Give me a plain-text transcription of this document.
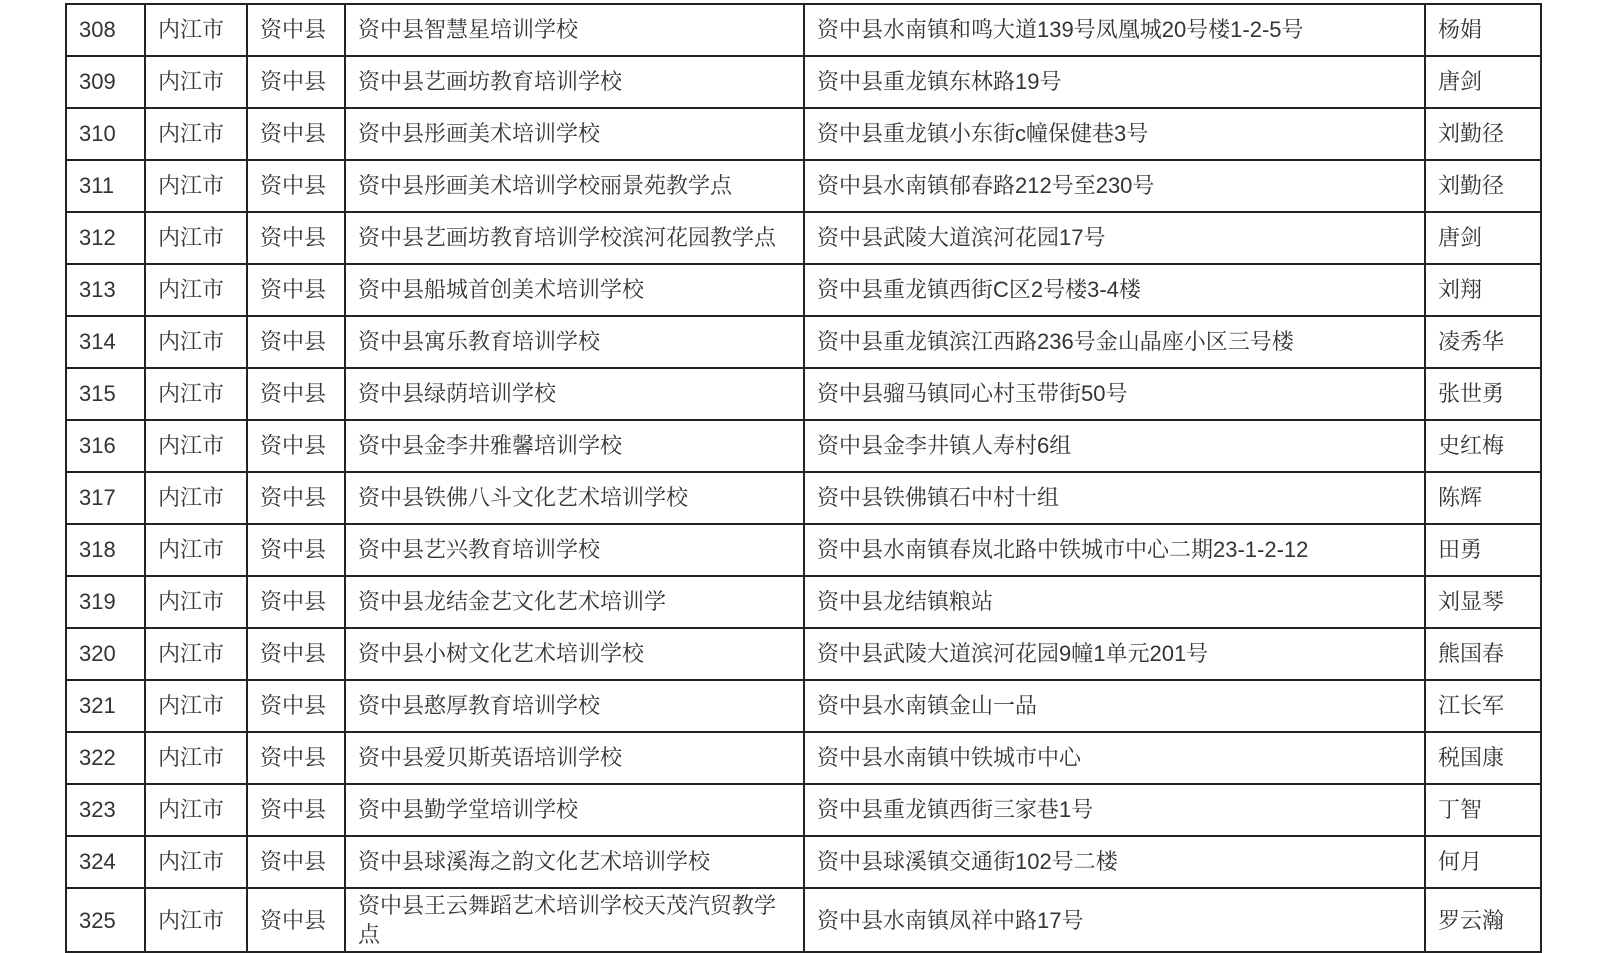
308	内江市	资中县	资中县智慧星培训学校	资中县水南镇和鸣大道139号凤凰城20号楼1-2-5号	杨娟
309	内江市	资中县	资中县艺画坊教育培训学校	资中县重龙镇东林路19号	唐剑
310	内江市	资中县	资中县彤画美术培训学校	资中县重龙镇小东街c幢保健巷3号	刘勤径
311	内江市	资中县	资中县彤画美术培训学校丽景苑教学点	资中县水南镇郁春路212号至230号	刘勤径
312	内江市	资中县	资中县艺画坊教育培训学校滨河花园教学点	资中县武陵大道滨河花园17号	唐剑
313	内江市	资中县	资中县船城首创美术培训学校	资中县重龙镇西街C区2号楼3-4楼	刘翔
314	内江市	资中县	资中县寓乐教育培训学校	资中县重龙镇滨江西路236号金山晶座小区三号楼	凌秀华
315	内江市	资中县	资中县绿荫培训学校	资中县骝马镇同心村玉带街50号	张世勇
316	内江市	资中县	资中县金李井雅馨培训学校	资中县金李井镇人寿村6组	史红梅
317	内江市	资中县	资中县铁佛八斗文化艺术培训学校	资中县铁佛镇石中村十组	陈辉
318	内江市	资中县	资中县艺兴教育培训学校	资中县水南镇春岚北路中铁城市中心二期23-1-2-12	田勇
319	内江市	资中县	资中县龙结金艺文化艺术培训学	资中县龙结镇粮站	刘显琴
320	内江市	资中县	资中县小树文化艺术培训学校	资中县武陵大道滨河花园9幢1单元201号	熊国春
321	内江市	资中县	资中县憨厚教育培训学校	资中县水南镇金山一品	江长军
322	内江市	资中县	资中县爱贝斯英语培训学校	资中县水南镇中铁城市中心	税国康
323	内江市	资中县	资中县勤学堂培训学校	资中县重龙镇西街三家巷1号	丁智
324	内江市	资中县	资中县球溪海之韵文化艺术培训学校	资中县球溪镇交通街102号二楼	何月
325	内江市	资中县	资中县王云舞蹈艺术培训学校天茂汽贸教学点	资中县水南镇凤祥中路17号	罗云瀚
